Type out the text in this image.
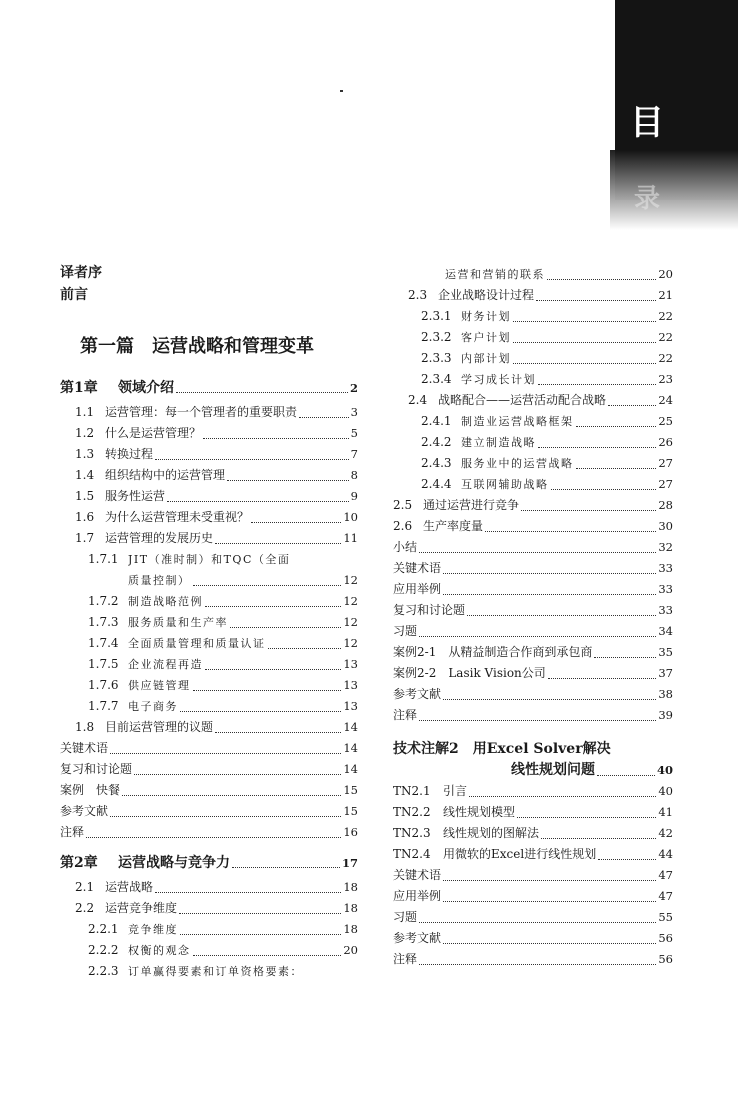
目
录
译者序
前言
第一篇　运营战略和管理变革
第1章	领域介绍	2
1.1 运营管理：每一个管理者的重要职责	3
1.2 什么是运营管理？	5
1.3 转换过程	7
1.4 组织结构中的运营管理	8
1.5 服务性运营	9
1.6 为什么运营管理未受重视？	10
1.7 运营管理的发展历史	11
1.7.1 JIT（准时制）和TQC（全面
质量控制）	12
1.7.2 制造战略范例	12
1.7.3 服务质量和生产率	12
1.7.4 全面质量管理和质量认证	12
1.7.5 企业流程再造	13
1.7.6 供应链管理	13
1.7.7 电子商务	13
1.8 目前运营管理的议题	14
关键术语	14
复习和讨论题	14
案例　快餐	15
参考文献	15
注释	16
第2章	运营战略与竞争力	17
2.1 运营战略	18
2.2 运营竞争维度	18
2.2.1 竞争维度	18
2.2.2 权衡的观念	20
2.2.3 订单赢得要素和订单资格要素：
运营和营销的联系	20
2.3 企业战略设计过程	21
2.3.1 财务计划	22
2.3.2 客户计划	22
2.3.3 内部计划	22
2.3.4 学习成长计划	23
2.4 战略配合——运营活动配合战略	24
2.4.1 制造业运营战略框架	25
2.4.2 建立制造战略	26
2.4.3 服务业中的运营战略	27
2.4.4 互联网辅助战略	27
2.5 通过运营进行竞争	28
2.6 生产率度量	30
小结	32
关键术语	33
应用举例	33
复习和讨论题	33
习题	34
案例2-1　从精益制造合作商到承包商	35
案例2-2　Lasik Vision公司	37
参考文献	38
注释	39
技术注解2　用Excel Solver解决
线性规划问题	40
TN2.1	引言	40
TN2.2	线性规划模型	41
TN2.3	线性规划的图解法	42
TN2.4	用微软的Excel进行线性规划	44
关键术语	47
应用举例	47
习题	55
参考文献	56
注释	56
